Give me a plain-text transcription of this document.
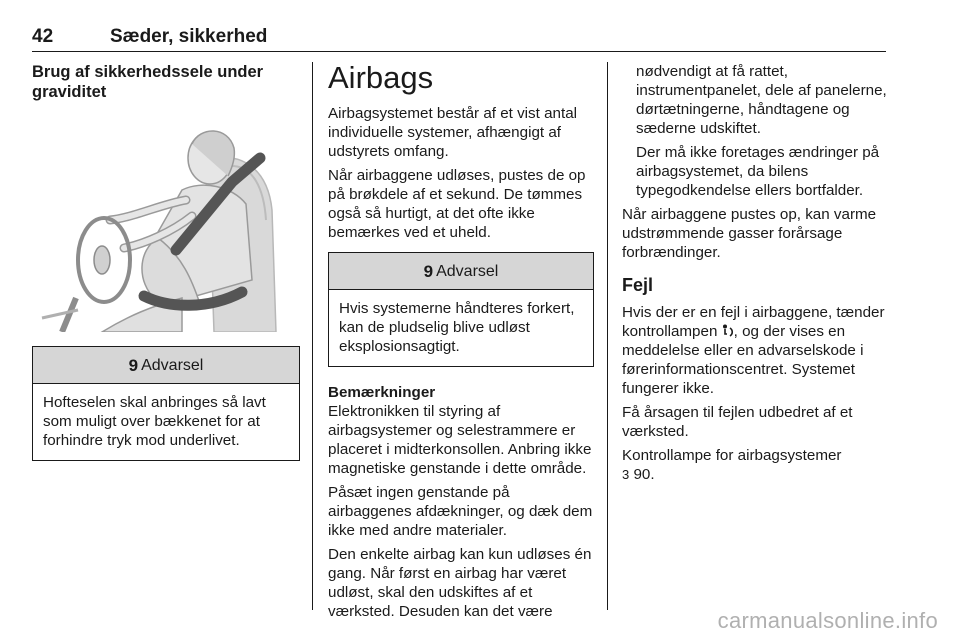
42	Sæder, sikkerhed

Brug af sikkerhedssele under graviditet

9 Advarsel
Hofteselen skal anbringes så lavt som muligt over bækkenet for at forhindre tryk mod underlivet.

Airbags

Airbagsystemet består af et vist antal individuelle systemer, afhængigt af udstyrets omfang.

Når airbaggene udløses, pustes de op på brøkdele af et sekund. De tømmes også så hurtigt, at det ofte ikke bemærkes ved et uheld.

9 Advarsel
Hvis systemerne håndteres forkert, kan de pludselig blive udløst eksplosionsagtigt.

Bemærkninger

Elektronikken til styring af airbagsystemer og selestrammere er placeret i midterkonsollen. Anbring ikke magnetiske genstande i dette område.

Påsæt ingen genstande på airbaggenes afdækninger, og dæk dem ikke med andre materialer.

Den enkelte airbag kan kun udløses én gang. Når først en airbag har været udløst, skal den udskiftes af et værksted. Desuden kan det være

nødvendigt at få rattet, instrumentpanelet, dele af panelerne, dørtætningerne, håndtagene og sæderne udskiftet.

Der må ikke foretages ændringer på airbagsystemet, da bilens typegodkendelse ellers bortfalder.

Når airbaggene pustes op, kan varme udstrømmende gasser forårsage forbrændinger.

Fejl

Hvis der er en fejl i airbaggene, tænder kontrollampen , og der vises en meddelelse eller en advarselskode i førerinformationscentret. Systemet fungerer ikke.

Få årsagen til fejlen udbedret af et værksted.

Kontrollampe for airbagsystemer
3 90.

carmanualsonline.info
